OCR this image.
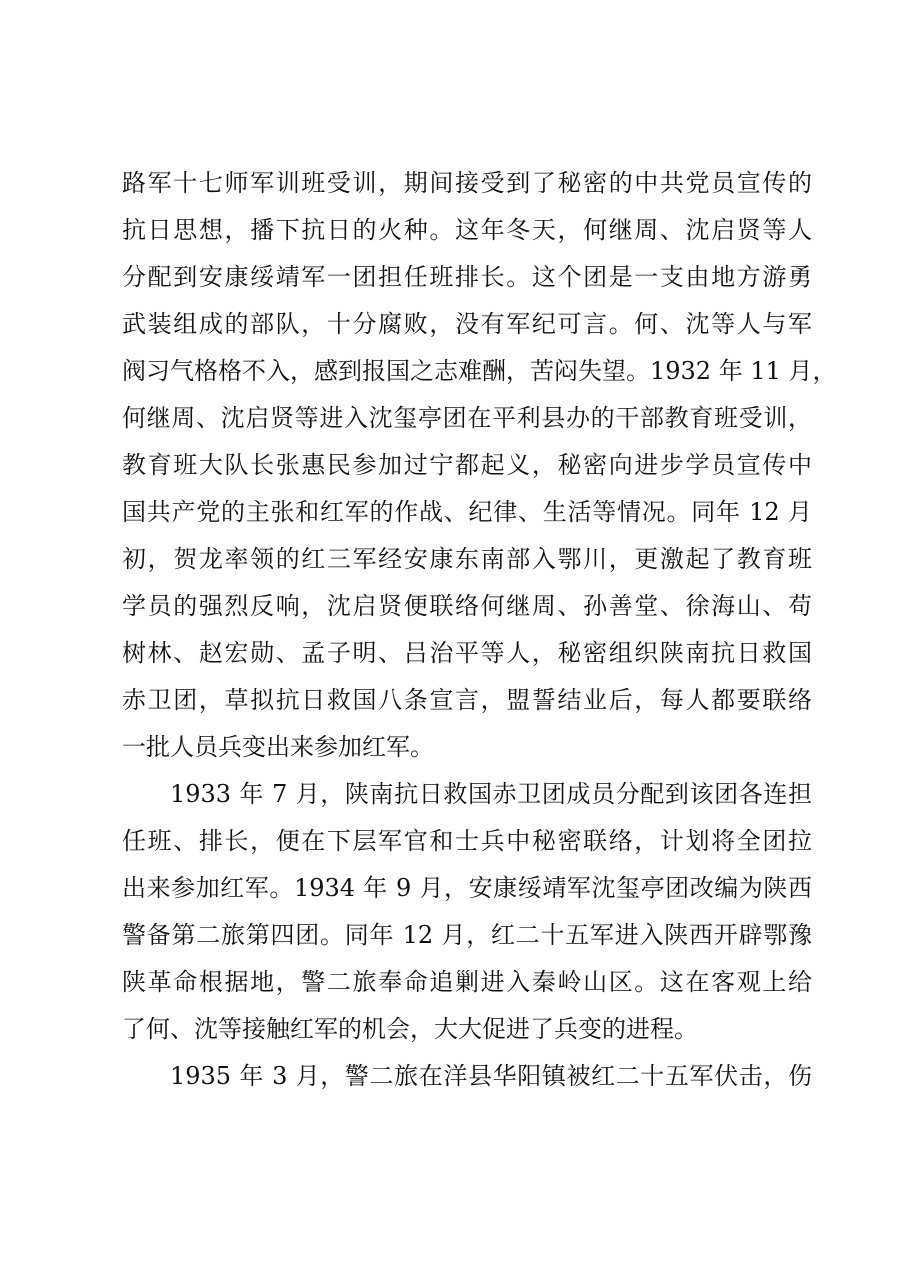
路军十七师军训班受训，期间接受到了秘密的中共党员宣传的
抗日思想，播下抗日的火种。这年冬天，何继周、沈启贤等人
分配到安康绥靖军一团担任班排长。这个团是一支由地方游勇
武装组成的部队，十分腐败，没有军纪可言。何、沈等人与军
阀习气格格不入，感到报国之志难酬，苦闷失望。1932 年 11 月，
何继周、沈启贤等进入沈玺亭团在平利县办的干部教育班受训，
教育班大队长张惠民参加过宁都起义，秘密向进步学员宣传中
国共产党的主张和红军的作战、纪律、生活等情况。同年 12 月
初，贺龙率领的红三军经安康东南部入鄂川，更激起了教育班
学员的强烈反响，沈启贤便联络何继周、孙善堂、徐海山、苟
树林、赵宏勋、孟子明、吕治平等人，秘密组织陕南抗日救国
赤卫团，草拟抗日救国八条宣言，盟誓结业后，每人都要联络
一批人员兵变出来参加红军。
1933 年 7 月，陕南抗日救国赤卫团成员分配到该团各连担
任班、排长，便在下层军官和士兵中秘密联络，计划将全团拉
出来参加红军。1934 年 9 月，安康绥靖军沈玺亭团改编为陕西
警备第二旅第四团。同年 12 月，红二十五军进入陕西开辟鄂豫
陕革命根据地，警二旅奉命追剿进入秦岭山区。这在客观上给
了何、沈等接触红军的机会，大大促进了兵变的进程。
1935 年 3 月，警二旅在洋县华阳镇被红二十五军伏击，伤
